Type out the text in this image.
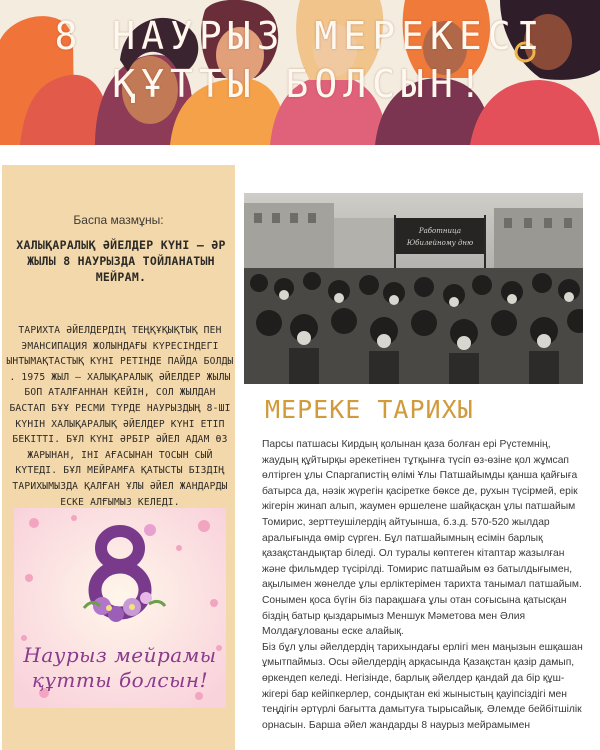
8 НАУРЫЗ МЕРЕКЕСІ
ҚҰТТЫ БОЛСЫН!
Баспа мазмұны:
ХАЛЫҚАРАЛЫҚ ӘЙЕЛДЕР КҮНІ — ӘР ЖЫЛЫ 8 НАУРЫЗДА ТОЙЛАНАТЫН МЕЙРАМ.
ТАРИХТА ӘЙЕЛДЕРДІҢ ТЕҢҚҰҚЫҚТЫҚ ПЕН ЭМАНСИПАЦИЯ ЖОЛЫНДАҒЫ КҮРЕСІНДЕГІ ЫНТЫМАҚТАСТЫҚ КҮНІ РЕТІНДЕ ПАЙДА БОЛДЫ . 1975 ЖЫЛ — ХАЛЫҚАРАЛЫҚ ӘЙЕЛДЕР ЖЫЛЫ БОП АТАЛҒАННАН КЕЙІН, СОЛ ЖЫЛДАН БАСТАП БҰҰ РЕСМИ ТҮРДЕ НАУРЫЗДЫҢ 8-ШІ КҮНІН ХАЛЫҚАРАЛЫҚ ӘЙЕЛДЕР КҮНІ ЕТІП БЕКІТТІ. БҰЛ КҮНІ ӘРБІР ӘЙЕЛ АДАМ ӨЗ ЖАРЫНАН, ІНІ АҒАСЫНАН ТОСЫН СЫЙ КҮТЕДІ. БҰЛ МЕЙРАМҒА ҚАТЫСТЫ БІЗДІҢ ТАРИХЫМЫЗДА ҚАЛҒАН ҰЛЫ ӘЙЕЛ ЖАНДАРДЫ ЕСКЕ АЛҒЫМЫЗ КЕЛЕДІ.
Наурыз мейрамы
құтты болсын!
Работница
Юбилейному дню
МЕРЕКЕ ТАРИХЫ

Парсы патшасы Кирдың қолынан қаза болған ері Рүстемнің, жаудың құйтырқы әрекетінен тұтқынға түсіп өз-өзіне қол жұмсап өлтірген ұлы Спаргапистің өлімі Ұлы Патшайымды қанша қайғыға батырса да, нәзік жүрегін қасіретке бөксе де, рухын түсірмей, ерік жігерін жинап алып, жаумен өршелене шайқасқан ұлы патшайым Томирис, зерттеушілердің айтуынша, б.з.д. 570-520 жылдар аралығында өмір сүрген. Бұл патшайымның есімін барлық қазақстандықтар біледі. Ол туралы көптеген кітаптар жазылған және фильмдер түсірілді. Томирис патшайым өз батылдығымен, ақылымен жөнелде ұлы ерліктерімен тарихта танымал патшайым.

Сонымен қоса бүгін біз парақшаға ұлы отан соғысына қатысқан біздің батыр қыздарымыз Меншук Мәметова мен Әлия Молдағұлованы еске алайық.

Біз бұл ұлы әйелдердің тарихындағы ерлігі мен маңызын ешқашан ұмытпаймыз. Осы әйелдердің арқасында Қазақстан қазір дамып, өркендеп келеді. Негізінде, барлық әйелдер қандай да бір құш-жігері бар кейіпкерлер, сондықтан екі жыныстың қауіпсіздігі мен теңдігін әртүрлі бағытта дамытуға тырысайық. Әлемде бейбітшілік орнасын. Барша әйел жандарды 8 наурыз мейрамымен
